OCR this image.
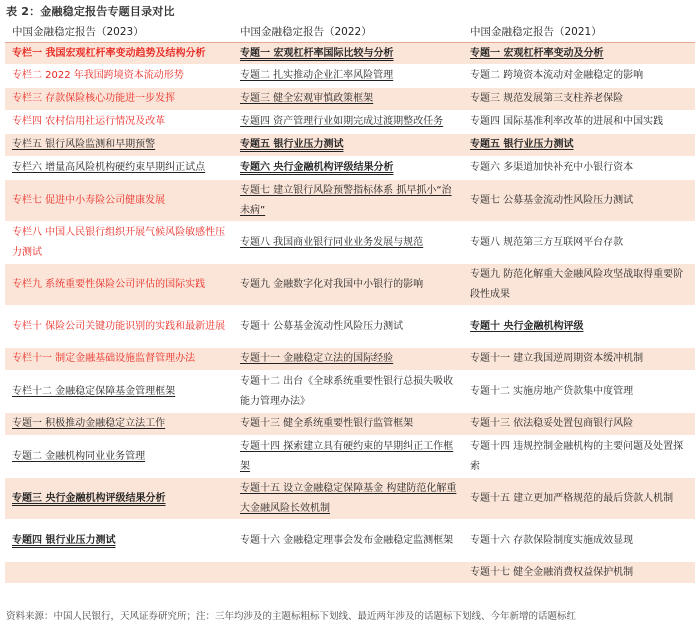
表 2：金融稳定报告专题目录对比
中国金融稳定报告（2023）	中国金融稳定报告（2022）	中国金融稳定报告（2021）
专栏一 我国宏观杠杆率变动趋势及结构分析	专题一 宏观杠杆率国际比较与分析	专题一 宏观杠杆率变动及分析
专栏二 2022 年我国跨境资本流动形势	专题二 扎实推动企业汇率风险管理	专题二 跨境资本流动对金融稳定的影响
专栏三 存款保险核心功能进一步发挥	专题三 健全宏观审慎政策框架	专题三 规范发展第三支柱养老保险
专栏四 农村信用社运行情况及改革	专题四 资产管理行业如期完成过渡期整改任务	专题四 国际基准利率改革的进展和中国实践
专栏五 银行风险监测和早期预警	专题五 银行业压力测试	专题五 银行业压力测试
专栏六 增量高风险机构硬约束早期纠正试点	专题六 央行金融机构评级结果分析	专题六 多渠道加快补充中小银行资本
专栏七 促进中小寿险公司健康发展	专题七 建立银行风险预警指标体系 抓早抓小“治未病”	专题七 公募基金流动性风险压力测试
专栏八 中国人民银行组织开展气候风险敏感性压力测试	专题八 我国商业银行同业业务发展与规范	专题八 规范第三方互联网平台存款
专栏九 系统重要性保险公司评估的国际实践	专题九 金融数字化对我国中小银行的影响	专题九 防范化解重大金融风险攻坚战取得重要阶段性成果
专栏十 保险公司关键功能识别的实践和最新进展	专题十 公募基金流动性风险压力测试	专题十 央行金融机构评级
专栏十一 制定金融基础设施监督管理办法	专题十一 金融稳定立法的国际经验	专题十一 建立我国逆周期资本缓冲机制
专栏十二 金融稳定保障基金管理框架	专题十二 出台《全球系统重要性银行总损失吸收能力管理办法》	专题十二 实施房地产贷款集中度管理
专题一 积极推动金融稳定立法工作	专题十三 健全系统重要性银行监管框架	专题十三 依法稳妥处置包商银行风险
专题二 金融机构同业业务管理	专题十四 探索建立具有硬约束的早期纠正工作框架	专题十四 违规控制金融机构的主要问题及处置探索
专题三 央行金融机构评级结果分析	专题十五 设立金融稳定保障基金 构建防范化解重大金融风险长效机制	专题十五 建立更加严格规范的最后贷款人机制
专题四 银行业压力测试	专题十六 金融稳定理事会发布金融稳定监测框架	专题十六 存款保险制度实施成效显现
		专题十七 健全金融消费权益保护机制
资料来源：中国人民银行，天风证券研究所；注：三年均涉及的主题标粗标下划线、最近两年涉及的话题标下划线、今年新增的话题标红
